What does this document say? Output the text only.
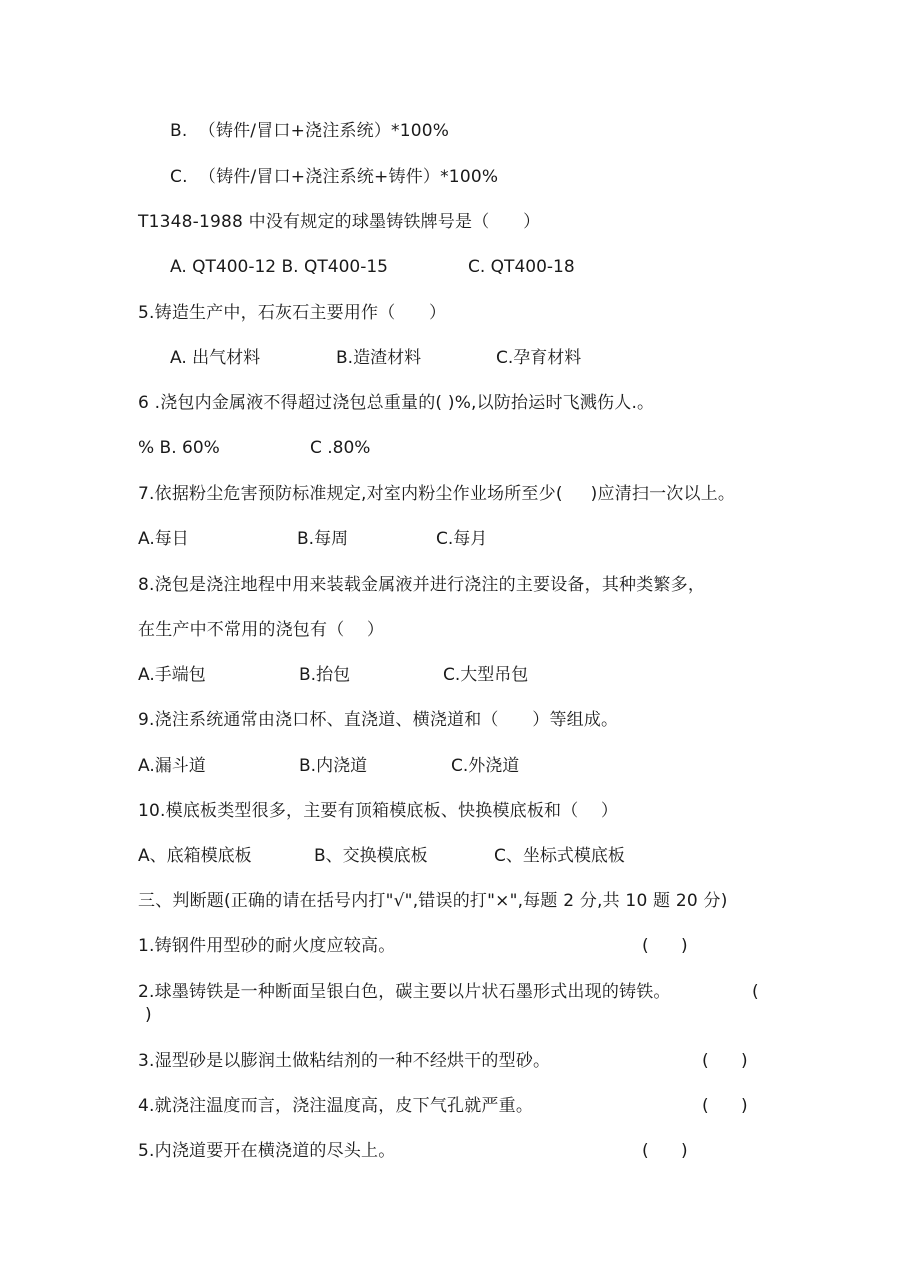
B.  （铸件/冒口+浇注系统）*100%
C.  （铸件/冒口+浇注系统+铸件）*100%
T1348-1988 中没有规定的球墨铸铁牌号是（      ）
A. QT400-12 B. QT400-15	C. QT400-18
5.铸造生产中，石灰石主要用作（      ）
A. 出气材料	B.造渣材料	C.孕育材料
6 .浇包内金属液不得超过浇包总重量的( )%,以防抬运时飞溅伤人.。
% B. 60%	C .80%
7.依据粉尘危害预防标准规定,对室内粉尘作业场所至少(     )应清扫一次以上。
A.每日	B.每周	C.每月
8.浇包是浇注地程中用来装载金属液并进行浇注的主要设备，其种类繁多，
在生产中不常用的浇包有（    ）
A.手端包	B.抬包	C.大型吊包
9.浇注系统通常由浇口杯、直浇道、横浇道和（      ）等组成。
A.漏斗道	B.内浇道	C.外浇道
10.模底板类型很多，主要有顶箱模底板、快换模底板和（    ）
A、底箱模底板	B、交换模底板	C、坐标式模底板
三、判断题(正确的请在括号内打"√",错误的打"×",每题 2 分,共 10 题 20 分)
1.铸钢件用型砂的耐火度应较高。	(      )
2.球墨铸铁是一种断面呈银白色，碳主要以片状石墨形式出现的铸铁。	(
)
3.湿型砂是以膨润土做粘结剂的一种不经烘干的型砂。	(      )
4.就浇注温度而言，浇注温度高，皮下气孔就严重。	(      )
5.内浇道要开在横浇道的尽头上。	(      )
